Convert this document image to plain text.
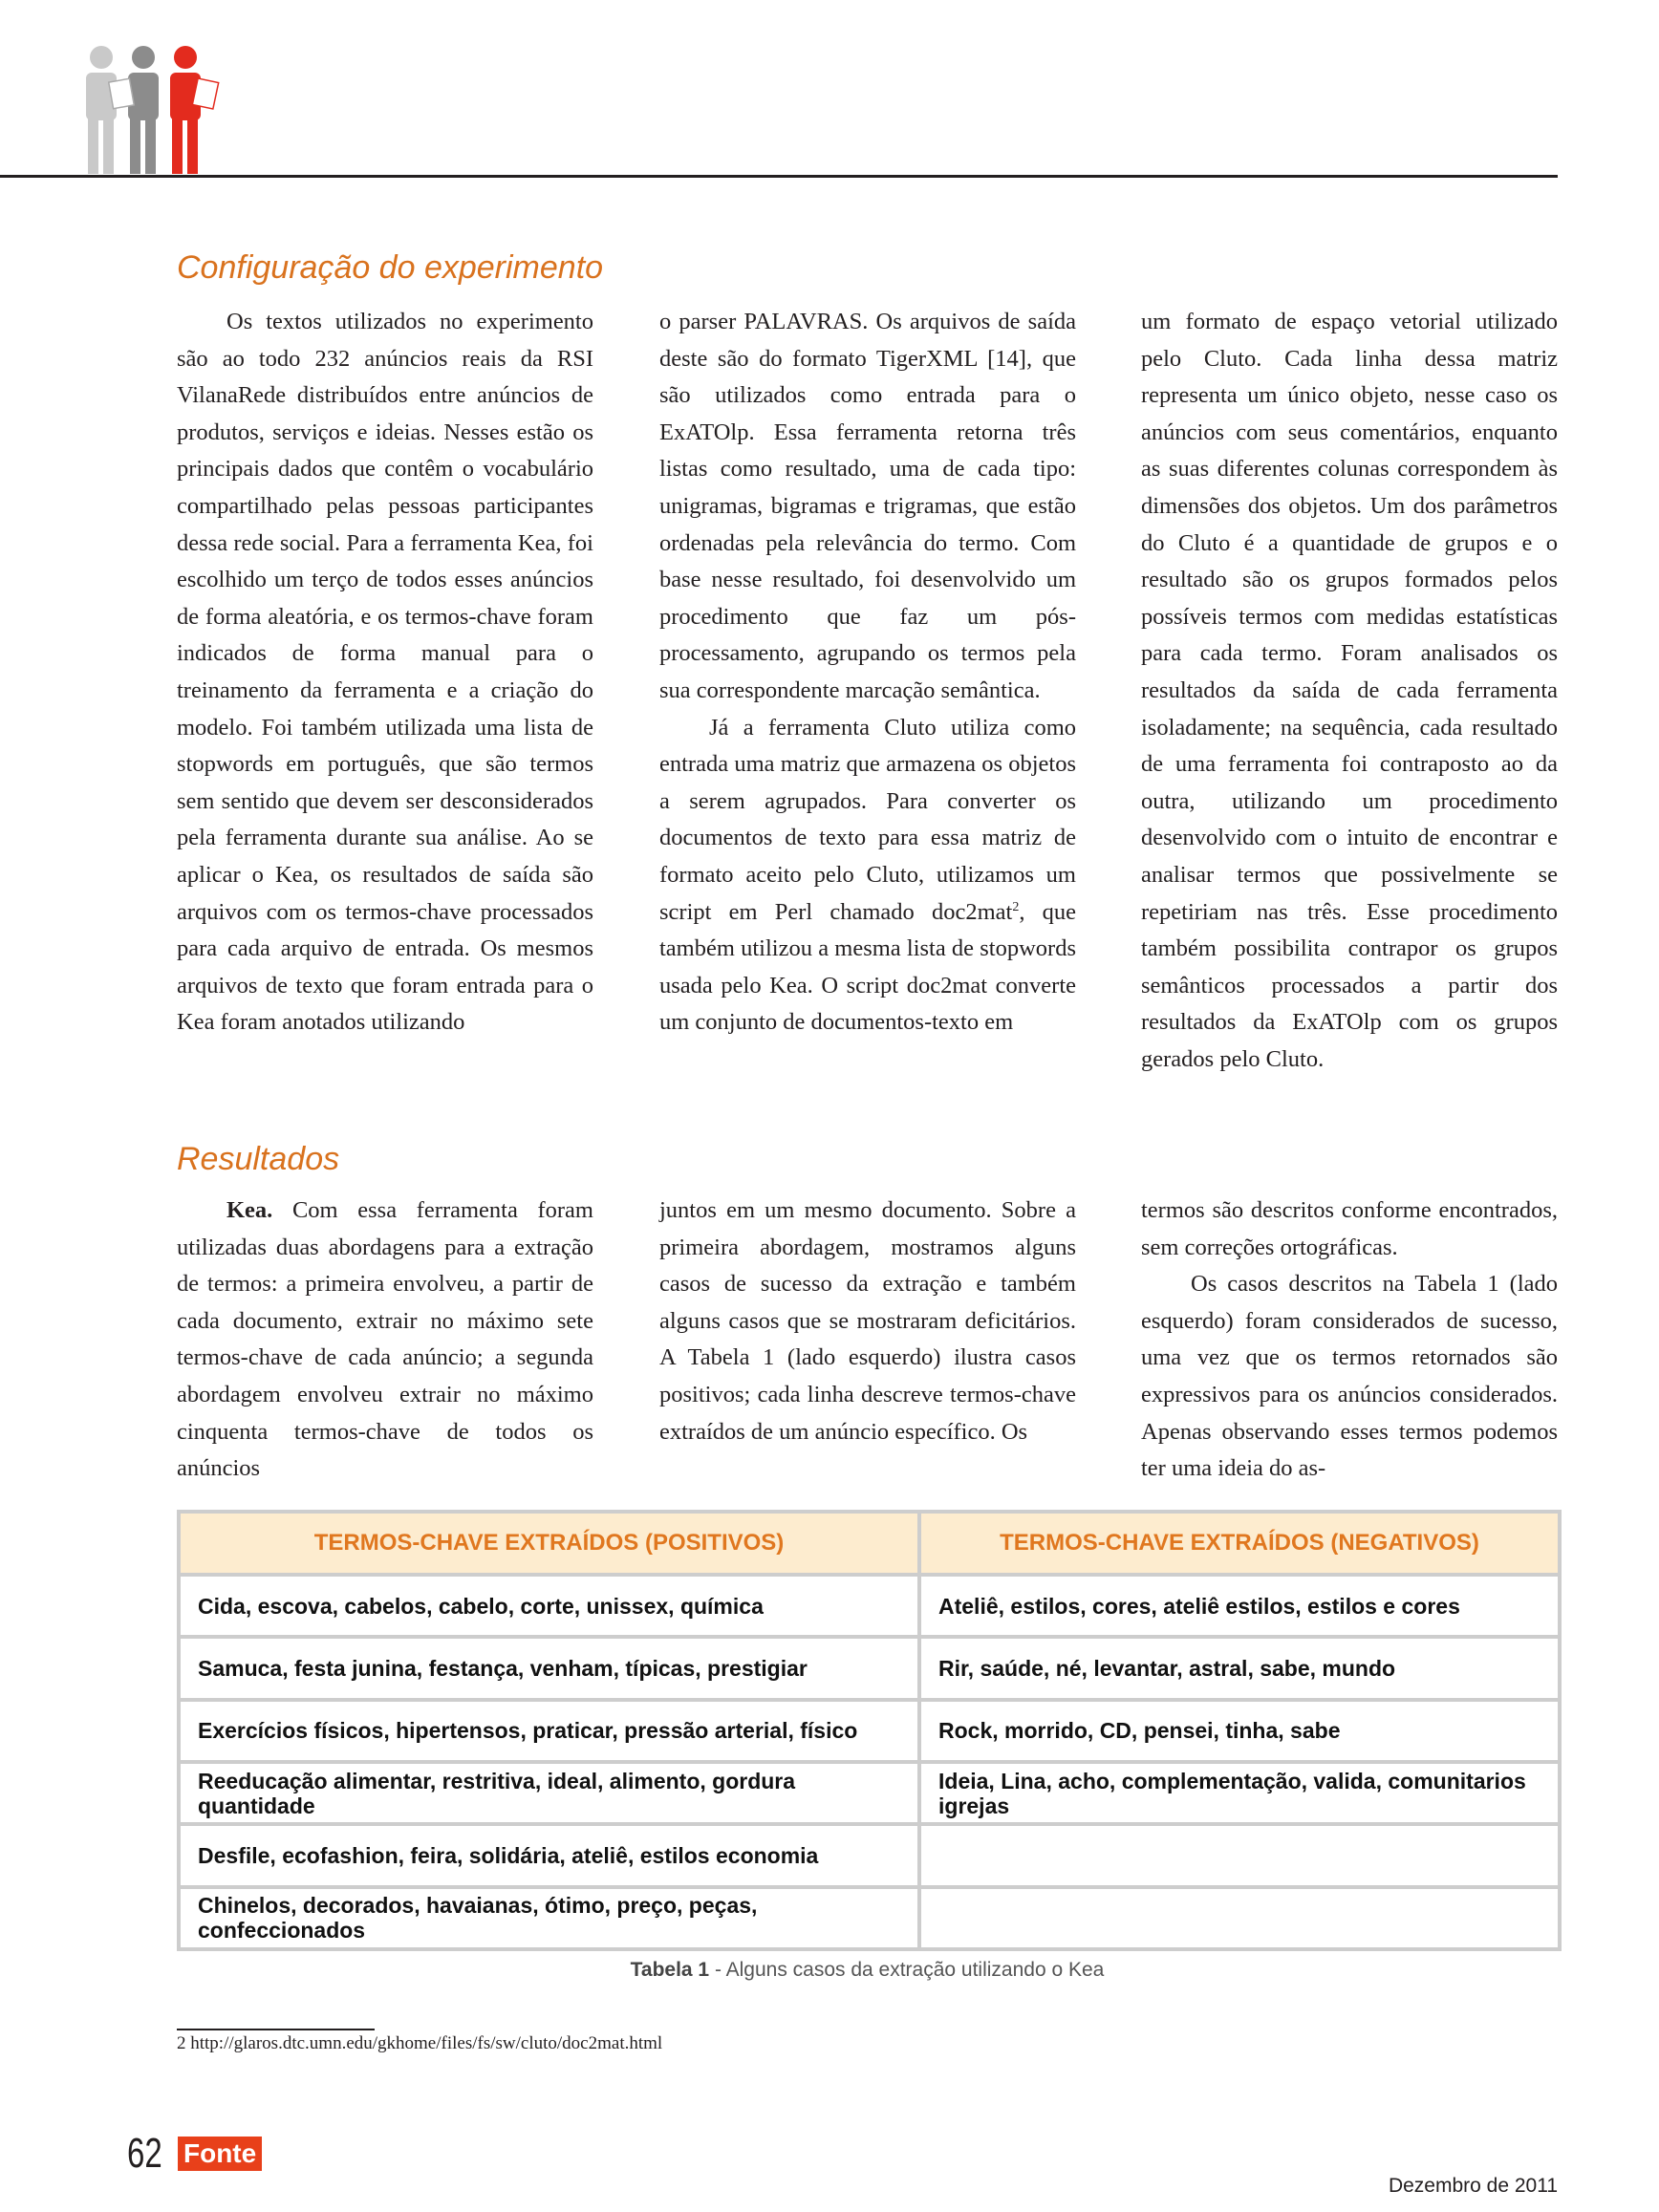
Configuração do experimento

Os textos utilizados no experimento são ao todo 232 anúncios reais da RSI VilanaRede distribuídos entre anúncios de produtos, serviços e ideias. Nesses estão os principais dados que contêm o vocabulário compartilhado pelas pessoas participantes dessa rede social. Para a ferramenta Kea, foi escolhido um terço de todos esses anúncios de forma aleatória, e os termos-chave foram indicados de forma manual para o treinamento da ferramenta e a criação do modelo. Foi também utilizada uma lista de stopwords em português, que são termos sem sentido que devem ser desconsiderados pela ferramenta durante sua análise. Ao se aplicar o Kea, os resultados de saída são arquivos com os termos-chave processados para cada arquivo de entrada. Os mesmos arquivos de texto que foram entrada para o Kea foram anotados utilizando

o parser PALAVRAS. Os arquivos de saída deste são do formato TigerXML [14], que são utilizados como entrada para o ExATOlp. Essa ferramenta retorna três listas como resultado, uma de cada tipo: unigramas, bigramas e trigramas, que estão ordenadas pela relevância do termo. Com base nesse resultado, foi desenvolvido um procedimento que faz um pós-processamento, agrupando os termos pela sua correspondente marcação semântica.

Já a ferramenta Cluto utiliza como entrada uma matriz que armazena os objetos a serem agrupados. Para converter os documentos de texto para essa matriz de formato aceito pelo Cluto, utilizamos um script em Perl chamado doc2mat$^2$, que também utilizou a mesma lista de stopwords usada pelo Kea. O script doc2mat converte um conjunto de documentos-texto em

um formato de espaço vetorial utilizado pelo Cluto. Cada linha dessa matriz representa um único objeto, nesse caso os anúncios com seus comentários, enquanto as suas diferentes colunas correspondem às dimensões dos objetos. Um dos parâmetros do Cluto é a quantidade de grupos e o resultado são os grupos formados pelos possíveis termos com medidas estatísticas para cada termo. Foram analisados os resultados da saída de cada ferramenta isoladamente; na sequência, cada resultado de uma ferramenta foi contraposto ao da outra, utilizando um procedimento desenvolvido com o intuito de encontrar e analisar termos que possivelmente se repetiriam nas três. Esse procedimento também possibilita contrapor os grupos semânticos processados a partir dos resultados da ExATOlp com os grupos gerados pelo Cluto.

Resultados

Kea. Com essa ferramenta foram utilizadas duas abordagens para a extração de termos: a primeira envolveu, a partir de cada documento, extrair no máximo sete termos-chave de cada anúncio; a segunda abordagem envolveu extrair no máximo cinquenta termos-chave de todos os anúncios

juntos em um mesmo documento. Sobre a primeira abordagem, mostramos alguns casos de sucesso da extração e também alguns casos que se mostraram deficitários. A Tabela 1 (lado esquerdo) ilustra casos positivos; cada linha descreve termos-chave extraídos de um anúncio específico. Os

termos são descritos conforme encontrados, sem correções ortográficas.

Os casos descritos na Tabela 1 (lado esquerdo) foram considerados de sucesso, uma vez que os termos retornados são expressivos para os anúncios considerados. Apenas observando esses termos podemos ter uma ideia do as-

TERMOS-CHAVE EXTRAÍDOS (POSITIVOS)	TERMOS-CHAVE EXTRAÍDOS (NEGATIVOS)
Cida, escova, cabelos, cabelo, corte, unissex, química	Ateliê, estilos, cores, ateliê estilos, estilos e cores
Samuca, festa junina, festança, venham, típicas, prestigiar	Rir, saúde, né, levantar, astral, sabe, mundo
Exercícios físicos, hipertensos, praticar, pressão arterial, físico	Rock, morrido, CD, pensei, tinha, sabe
Reeducação alimentar, restritiva, ideal, alimento, gordura quantidade	Ideia, Lina, acho, complementação, valida, comunitarios igrejas
Desfile, ecofashion, feira, solidária, ateliê, estilos economia	
Chinelos, decorados, havaianas, ótimo, preço, peças, confeccionados	
Tabela 1 - Alguns casos da extração utilizando o Kea
2 http://glaros.dtc.umn.edu/gkhome/files/fs/sw/cluto/doc2mat.html
62 Fonte
Dezembro de 2011
